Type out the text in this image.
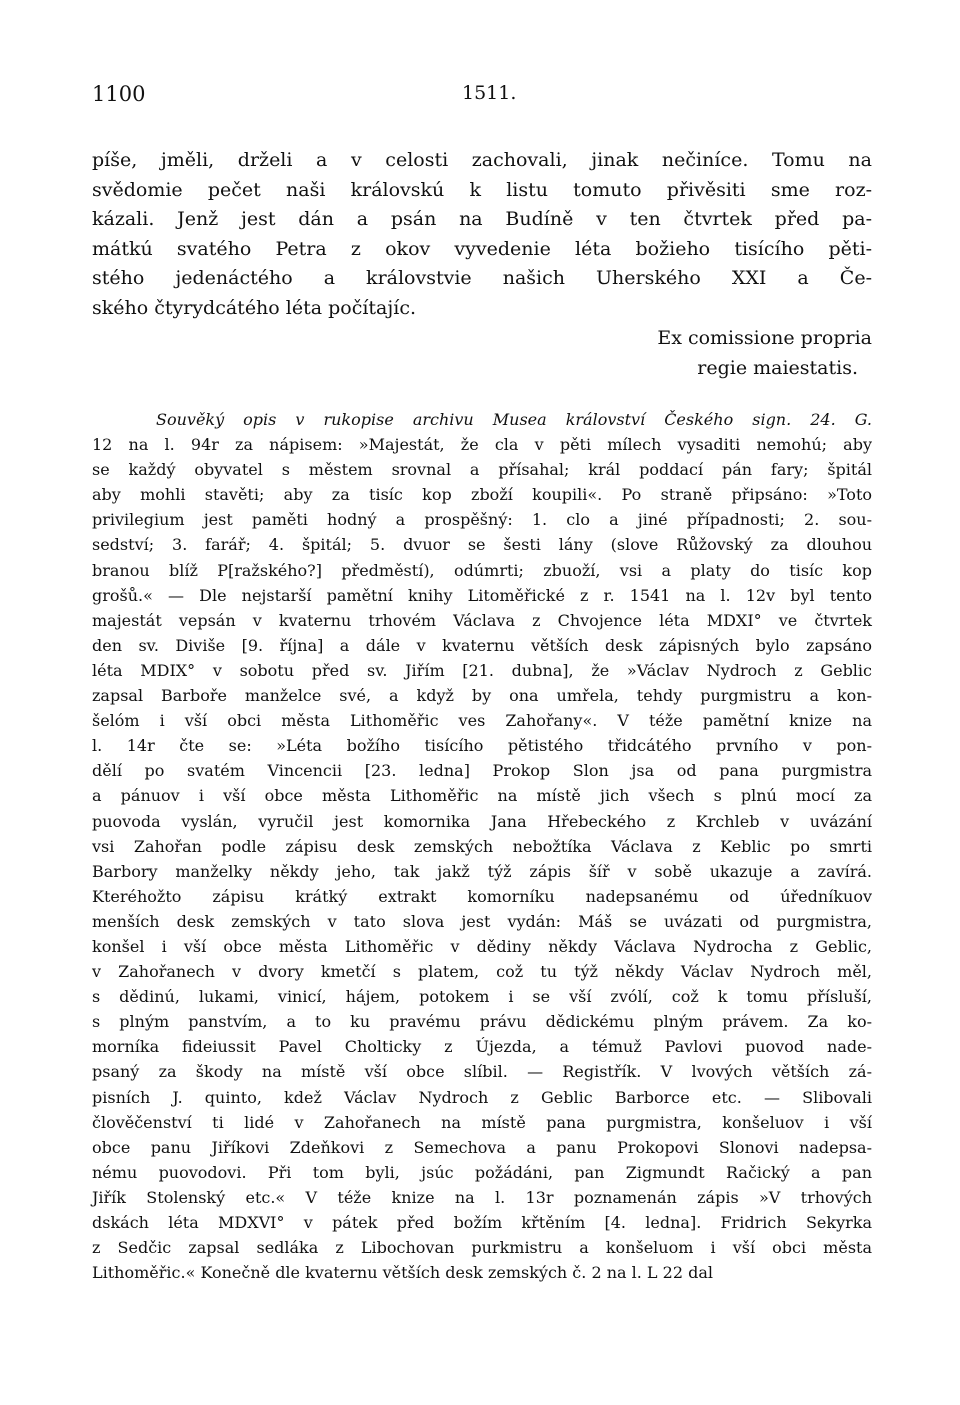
1100	1511.
píše, jměli, drželi a v celosti zachovali, jinak nečiníce. Tomu na
svědomie pečet naši královskú k listu tomuto přivěsiti sme roz-
kázali. Jenž jest dán a psán na Budíně v ten čtvrtek před pa-
mátkú svatého Petra z okov vyvedenie léta božieho tisícího pěti-
stého jedenáctého a královstvie našich Uherského XXI a Če-
ského čtyrydcátého léta počítajíc.
Ex comissione propria
regie maiestatis.
Souvěký opis v rukopise archivu Musea království Českého sign. 24. G.
12 na l. 94r za nápisem: »Majestát, že cla v pěti mílech vysaditi nemohú; aby
se každý obyvatel s městem srovnal a přísahal; král poddací pán fary; špitál
aby mohli stavěti; aby za tisíc kop zboží koupili«. Po straně připsáno: »Toto
privilegium jest paměti hodný a prospěšný: 1. clo a jiné případnosti; 2. sou-
sedství; 3. farář; 4. špitál; 5. dvuor se šesti lány (slove Růžovský za dlouhou
branou blíž P[ražského?] předměstí), odúmrti; zbuoží, vsi a platy do tisíc kop
grošů.« — Dle nejstarší pamětní knihy Litoměřické z r. 1541 na l. 12v byl tento
majestát vepsán v kvaternu trhovém Václava z Chvojence léta MDXI° ve čtvrtek
den sv. Diviše [9. října] a dále v kvaternu větších desk zápisných bylo zapsáno
léta MDIX° v sobotu před sv. Jiřím [21. dubna], že »Václav Nydroch z Geblic
zapsal Barboře manželce své, a když by ona umřela, tehdy purgmistru a kon-
šelóm i vší obci města Lithoměřic ves Zahořany«. V téže pamětní knize na
l. 14r čte se: »Léta božího tisícího pětistého třidcátého prvního v pon-
dělí po svatém Vincencii [23. ledna] Prokop Slon jsa od pana purgmistra
a pánuov i vší obce města Lithoměřic na místě jich všech s plnú mocí za
puovoda vyslán, vyručil jest komornika Jana Hřebeckého z Krchleb v uvázání
vsi Zahořan podle zápisu desk zemských nebožtíka Václava z Keblic po smrti
Barbory manželky někdy jeho, tak jakž týž zápis šíř v sobě ukazuje a zavírá.
Kteréhožto zápisu krátký extrakt komorníku nadepsanému od úředníkuov
menších desk zemských v tato slova jest vydán: Máš se uvázati od purgmistra,
konšel i vší obce města Lithoměřic v dědiny někdy Václava Nydrocha z Geblic,
v Zahořanech v dvory kmetčí s platem, což tu týž někdy Václav Nydroch měl,
s dědinú, lukami, vinicí, hájem, potokem i se vší zvólí, což k tomu přísluší,
s plným panstvím, a to ku pravému právu dědickému plným právem. Za ko-
morníka fideiussit Pavel Cholticky z Újezda, a témuž Pavlovi puovod nade-
psaný za škody na místě vší obce slíbil. — Registřík. V lvových větších zá-
pisních J. quinto, kdež Václav Nydroch z Geblic Barborce etc. — Slibovali
člověčenství ti lidé v Zahořanech na místě pana purgmistra, konšeluov i vší
obce panu Jiříkovi Zdeňkovi z Semechova a panu Prokopovi Slonovi nadepsa-
nému puovodovi. Při tom byli, jsúc požádáni, pan Zigmundt Račický a pan
Jiřík Stolenský etc.« V téže knize na l. 13r poznamenán zápis »V trhových
dskách léta MDXVI° v pátek před božím křtěním [4. ledna]. Fridrich Sekyrka
z Sedčic zapsal sedláka z Libochovan purkmistru a konšeluom i vší obci města
Lithoměřic.« Konečně dle kvaternu větších desk zemských č. 2 na l. L 22 dal
